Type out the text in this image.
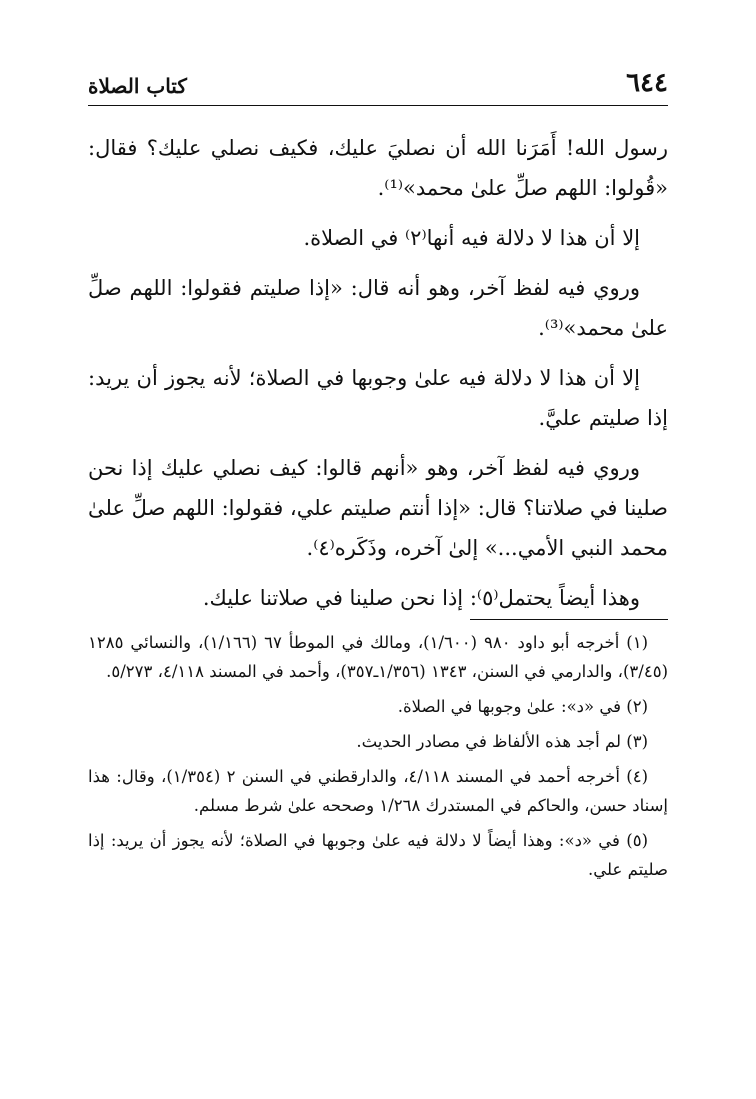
٦٤٤
كتاب الصلاة

رسول الله! أَمَرَنا الله أن نصليَ عليك، فكيف نصلي عليك؟ فقال: «قُولوا: اللهم صلِّ علىٰ محمد»⁽¹⁾.

إلا أن هذا لا دلالة فيه أنها⁽٢⁾ في الصلاة.

وروي فيه لفظ آخر، وهو أنه قال: «إذا صليتم فقولوا: اللهم صلِّ علىٰ محمد»⁽³⁾.

إلا أن هذا لا دلالة فيه علىٰ وجوبها في الصلاة؛ لأنه يجوز أن يريد: إذا صليتم عليَّ.

وروي فيه لفظ آخر، وهو «أنهم قالوا: كيف نصلي عليك إذا نحن صلينا في صلاتنا؟ قال: «إذا أنتم صليتم علي، فقولوا: اللهم صلِّ علىٰ محمد النبي الأمي...» إلىٰ آخره، وذَكَره⁽٤⁾.

وهذا أيضاً يحتمل⁽٥⁾: إذا نحن صلينا في صلاتنا عليك.

(١) أخرجه أبو داود ٩٨٠ (١/٦٠٠)، ومالك في الموطأ ٦٧ (١/١٦٦)، والنسائي ١٢٨٥ (٣/٤٥)، والدارمي في السنن، ١٣٤٣ (١/٣٥٦ـ٣٥٧)، وأحمد في المسند ٤/١١٨، ٥/٢٧٣.

(٢) في «د»: علىٰ وجوبها في الصلاة.

(٣) لم أجد هذه الألفاظ في مصادر الحديث.

(٤) أخرجه أحمد في المسند ٤/١١٨، والدارقطني في السنن ٢ (١/٣٥٤)، وقال: هذا إسناد حسن، والحاكم في المستدرك ١/٢٦٨ وصححه علىٰ شرط مسلم.

(٥) في «د»: وهذا أيضاً لا دلالة فيه علىٰ وجوبها في الصلاة؛ لأنه يجوز أن يريد: إذا صليتم علي.
